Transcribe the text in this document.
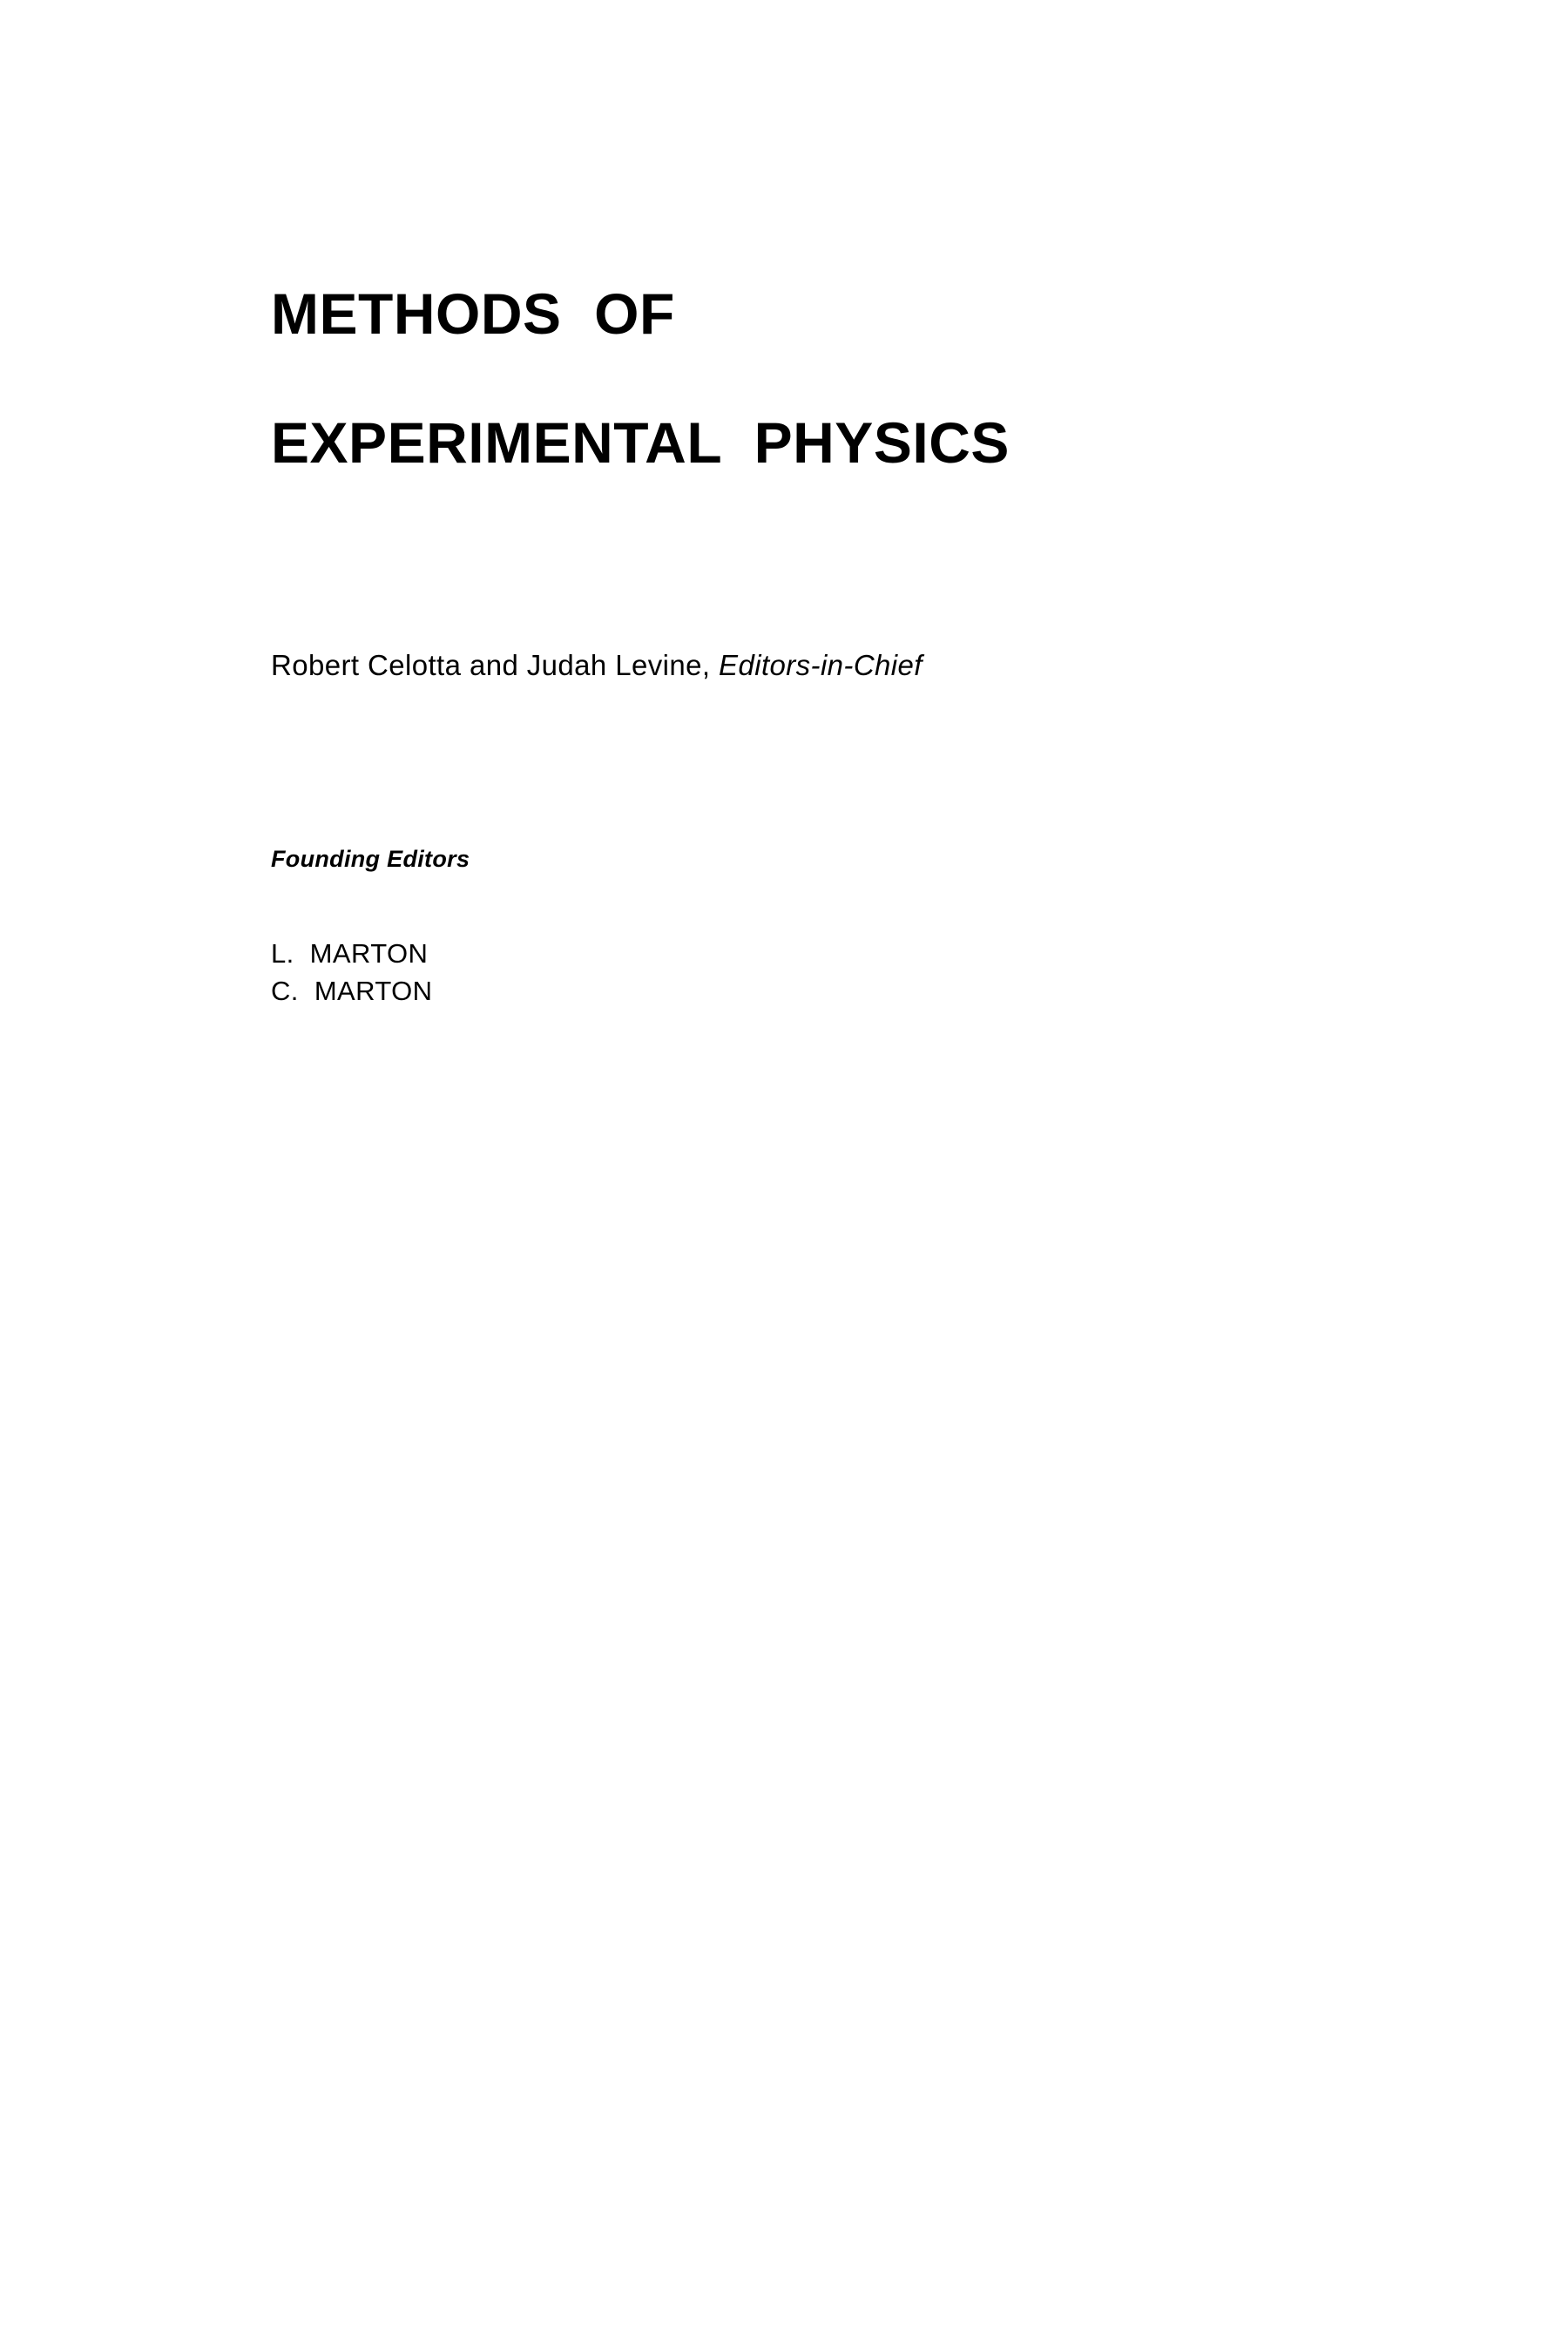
METHODS  OF
EXPERIMENTAL  PHYSICS
Robert Celotta and Judah Levine, Editors-in-Chief
Founding Editors
L.  MARTON
C.  MARTON
